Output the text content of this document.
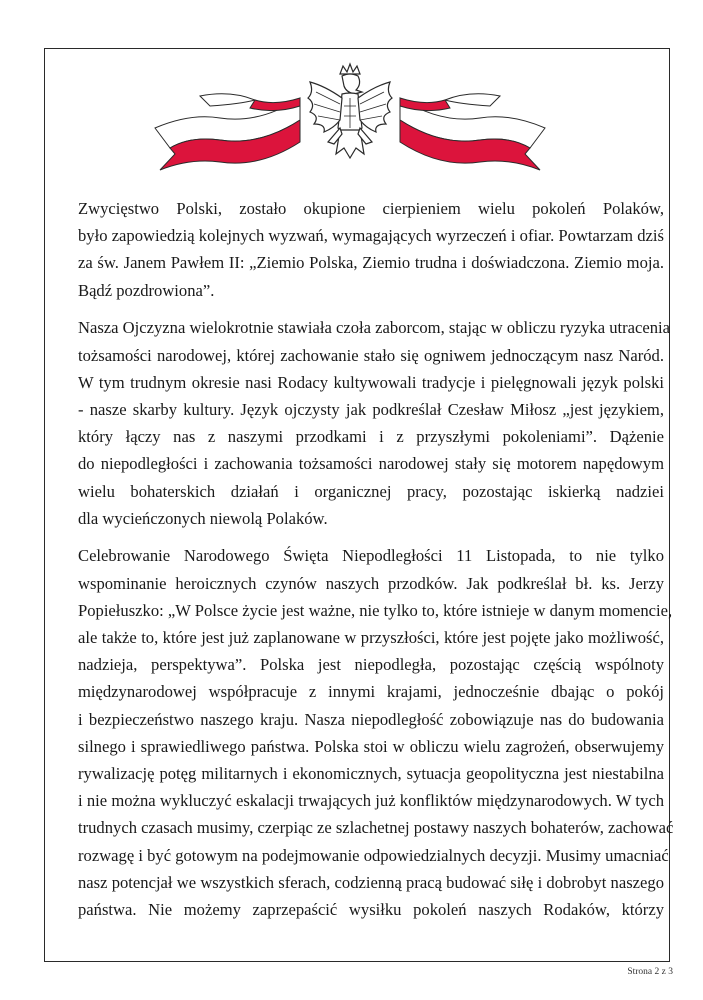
Zwycięstwo Polski, zostało okupione cierpieniem wielu pokoleń Polaków,
było zapowiedzią kolejnych wyzwań, wymagających wyrzeczeń i ofiar. Powtarzam dziś
za św. Janem Pawłem II: „Ziemio Polska, Ziemio trudna i doświadczona. Ziemio moja.
Bądź pozdrowiona”.

Nasza Ojczyzna wielokrotnie stawiała czoła zaborcom, stając w obliczu ryzyka utracenia
tożsamości narodowej, której zachowanie stało się ogniwem jednoczącym nasz Naród.
W tym trudnym okresie nasi Rodacy kultywowali tradycje i pielęgnowali język polski
- nasze skarby kultury. Język ojczysty jak podkreślał Czesław Miłosz „jest językiem,
który łączy nas z naszymi przodkami i z przyszłymi pokoleniami”. Dążenie
do niepodległości i zachowania tożsamości narodowej stały się motorem napędowym
wielu bohaterskich działań i organicznej pracy, pozostając iskierką nadziei
dla wycieńczonych niewolą Polaków.

Celebrowanie Narodowego Święta Niepodległości 11 Listopada, to nie tylko
wspominanie heroicznych czynów naszych przodków. Jak podkreślał bł. ks. Jerzy
Popiełuszko: „W Polsce życie jest ważne, nie tylko to, które istnieje w danym momencie,
ale także to, które jest już zaplanowane w przyszłości, które jest pojęte jako możliwość,
nadzieja, perspektywa”. Polska jest niepodległa, pozostając częścią wspólnoty
międzynarodowej współpracuje z innymi krajami, jednocześnie dbając o pokój
i bezpieczeństwo naszego kraju. Nasza niepodległość zobowiązuje nas do budowania
silnego i sprawiedliwego państwa. Polska stoi w obliczu wielu zagrożeń, obserwujemy
rywalizację potęg militarnych i ekonomicznych, sytuacja geopolityczna jest niestabilna
i nie można wykluczyć eskalacji trwających już konfliktów międzynarodowych. W tych
trudnych czasach musimy, czerpiąc ze szlachetnej postawy naszych bohaterów, zachować
rozwagę i być gotowym na podejmowanie odpowiedzialnych decyzji. Musimy umacniać
nasz potencjał we wszystkich sferach, codzienną pracą budować siłę i dobrobyt naszego
państwa. Nie możemy zaprzepaścić wysiłku pokoleń naszych Rodaków, którzy

Strona 2 z 3
